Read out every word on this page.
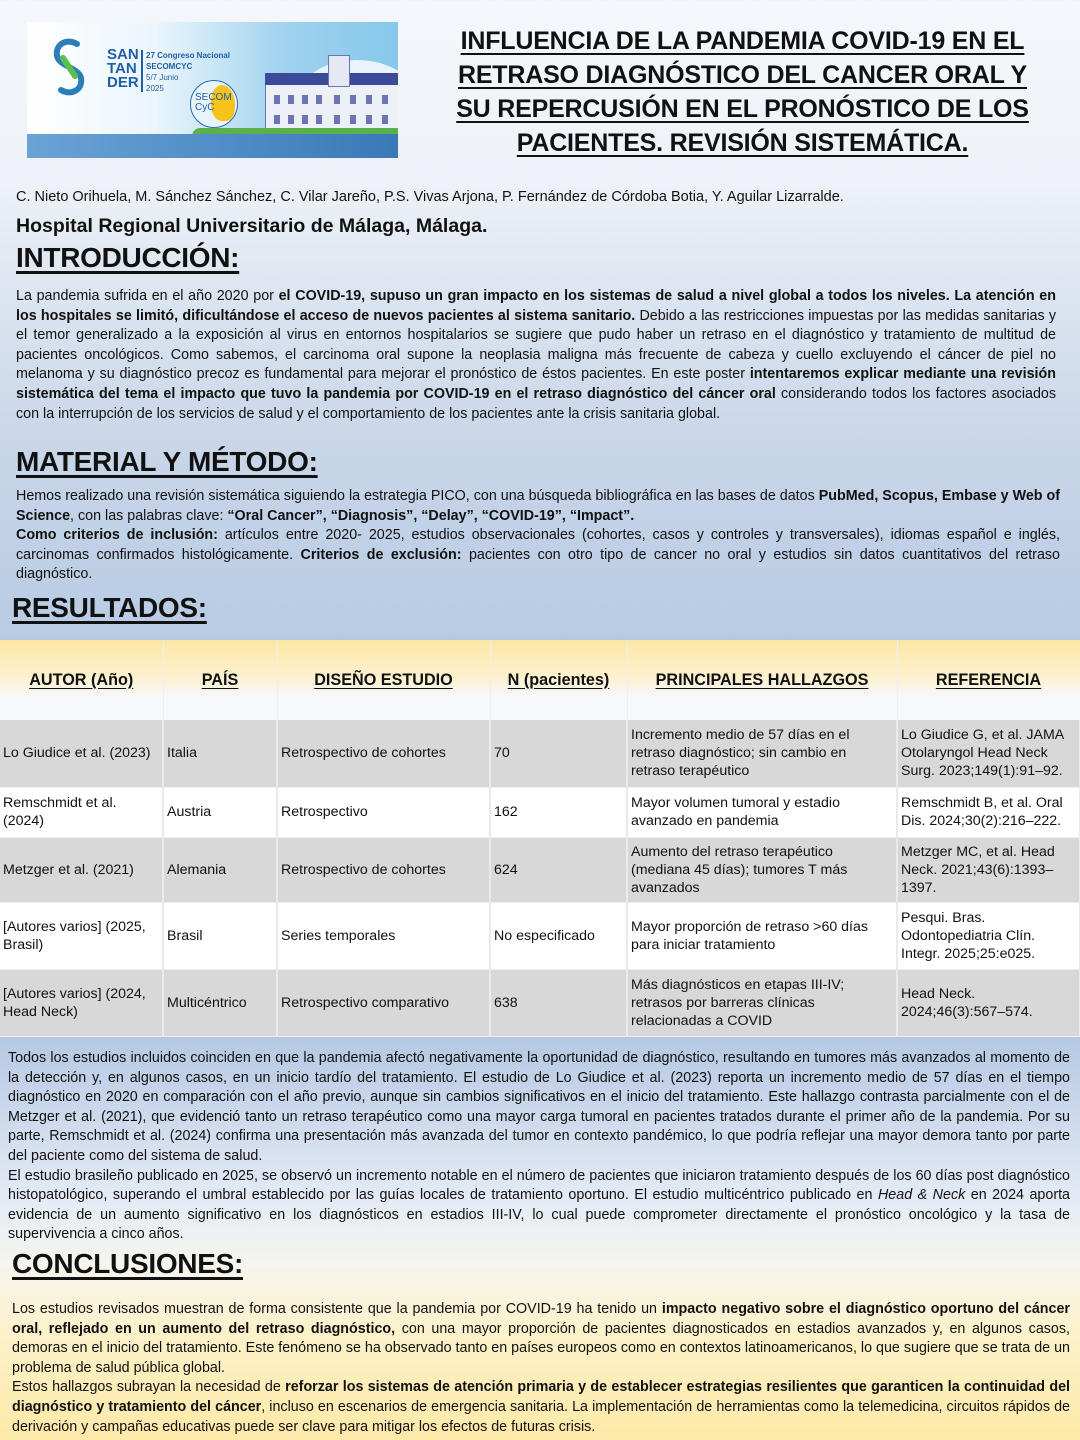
SAN
TAN
DER
27 Congreso Nacional
SECOMCYC
5/7 Junio
2025
SECOM
CyC
INFLUENCIA DE LA PANDEMIA COVID-19 EN EL
RETRASO DIAGNÓSTICO DEL CANCER ORAL Y
SU REPERCUSIÓN EN EL PRONÓSTICO DE LOS
PACIENTES. REVISIÓN SISTEMÁTICA.
C. Nieto Orihuela, M. Sánchez Sánchez, C. Vilar Jareño, P.S. Vivas Arjona, P. Fernández de Córdoba Botia, Y. Aguilar Lizarralde.
Hospital Regional Universitario de Málaga, Málaga.
INTRODUCCIÓN:

La pandemia sufrida en el año 2020 por el COVID-19, supuso un gran impacto en los sistemas de salud a nivel global a todos los niveles. La atención en los hospitales se limitó, dificultándose el acceso de nuevos pacientes al sistema sanitario. Debido a las restricciones impuestas por las medidas sanitarias y el temor generalizado a la exposición al virus en entornos hospitalarios se sugiere que pudo haber un retraso en el diagnóstico y tratamiento de multitud de pacientes oncológicos. Como sabemos, el carcinoma oral supone la neoplasia maligna más frecuente de cabeza y cuello excluyendo el cáncer de piel no melanoma y su diagnóstico precoz es fundamental para mejorar el pronóstico de éstos pacientes. En este poster intentaremos explicar mediante una revisión sistemática del tema el impacto que tuvo la pandemia por COVID-19 en el retraso diagnóstico del cáncer oral considerando todos los factores asociados con la interrupción de los servicios de salud y el comportamiento de los pacientes ante la crisis sanitaria global.

MATERIAL Y MÉTODO:

Hemos realizado una revisión sistemática siguiendo la estrategia PICO, con una búsqueda bibliográfica en las bases de datos PubMed, Scopus, Embase y Web of Science, con las palabras clave: “Oral Cancer”, “Diagnosis”, “Delay”, “COVID-19”, “Impact”.

Como criterios de inclusión: artículos entre 2020- 2025, estudios observacionales (cohortes, casos y controles y transversales), idiomas español e inglés, carcinomas confirmados histológicamente. Criterios de exclusión: pacientes con otro tipo de cancer no oral y estudios sin datos cuantitativos del retraso diagnóstico.

RESULTADOS:
AUTOR (Año)	PAÍS	DISEÑO ESTUDIO	N (pacientes)	PRINCIPALES HALLAZGOS	REFERENCIA
Lo Giudice et al. (2023)	Italia	Retrospectivo de cohortes	70	Incremento medio de 57 días en el retraso diagnóstico; sin cambio en retraso terapéutico	Lo Giudice G, et al. JAMA Otolaryngol Head Neck Surg. 2023;149(1):91–92.
Remschmidt et al. (2024)	Austria	Retrospectivo	162	Mayor volumen tumoral y estadio avanzado en pandemia	Remschmidt B, et al. Oral Dis. 2024;30(2):216–222.
Metzger et al. (2021)	Alemania	Retrospectivo de cohortes	624	Aumento del retraso terapéutico (mediana 45 días); tumores T más avanzados	Metzger MC, et al. Head Neck. 2021;43(6):1393–1397.
[Autores varios] (2025, Brasil)	Brasil	Series temporales	No especificado	Mayor proporción de retraso >60 días para iniciar tratamiento	Pesqui. Bras. Odontopediatria Clín. Integr. 2025;25:e025.
[Autores varios] (2024, Head Neck)	Multicéntrico	Retrospectivo comparativo	638	Más diagnósticos en etapas III-IV; retrasos por barreras clínicas relacionadas a COVID	Head Neck. 2024;46(3):567–574.

Todos los estudios incluidos coinciden en que la pandemia afectó negativamente la oportunidad de diagnóstico, resultando en tumores más avanzados al momento de la detección y, en algunos casos, en un inicio tardío del tratamiento. El estudio de Lo Giudice et al. (2023) reporta un incremento medio de 57 días en el tiempo diagnóstico en 2020 en comparación con el año previo, aunque sin cambios significativos en el inicio del tratamiento. Este hallazgo contrasta parcialmente con el de Metzger et al. (2021), que evidenció tanto un retraso terapéutico como una mayor carga tumoral en pacientes tratados durante el primer año de la pandemia. Por su parte, Remschmidt et al. (2024) confirma una presentación más avanzada del tumor en contexto pandémico, lo que podría reflejar una mayor demora tanto por parte del paciente como del sistema de salud.

El estudio brasileño publicado en 2025, se observó un incremento notable en el número de pacientes que iniciaron tratamiento después de los 60 días post diagnóstico histopatológico, superando el umbral establecido por las guías locales de tratamiento oportuno. El estudio multicéntrico publicado en Head & Neck en 2024 aporta evidencia de un aumento significativo en los diagnósticos en estadios III-IV, lo cual puede comprometer directamente el pronóstico oncológico y la tasa de supervivencia a cinco años.

CONCLUSIONES:

Los estudios revisados muestran de forma consistente que la pandemia por COVID-19 ha tenido un impacto negativo sobre el diagnóstico oportuno del cáncer oral, reflejado en un aumento del retraso diagnóstico, con una mayor proporción de pacientes diagnosticados en estadios avanzados y, en algunos casos, demoras en el inicio del tratamiento. Este fenómeno se ha observado tanto en países europeos como en contextos latinoamericanos, lo que sugiere que se trata de un problema de salud pública global.

Estos hallazgos subrayan la necesidad de reforzar los sistemas de atención primaria y de establecer estrategias resilientes que garanticen la continuidad del diagnóstico y tratamiento del cáncer, incluso en escenarios de emergencia sanitaria. La implementación de herramientas como la telemedicina, circuitos rápidos de derivación y campañas educativas puede ser clave para mitigar los efectos de futuras crisis.
